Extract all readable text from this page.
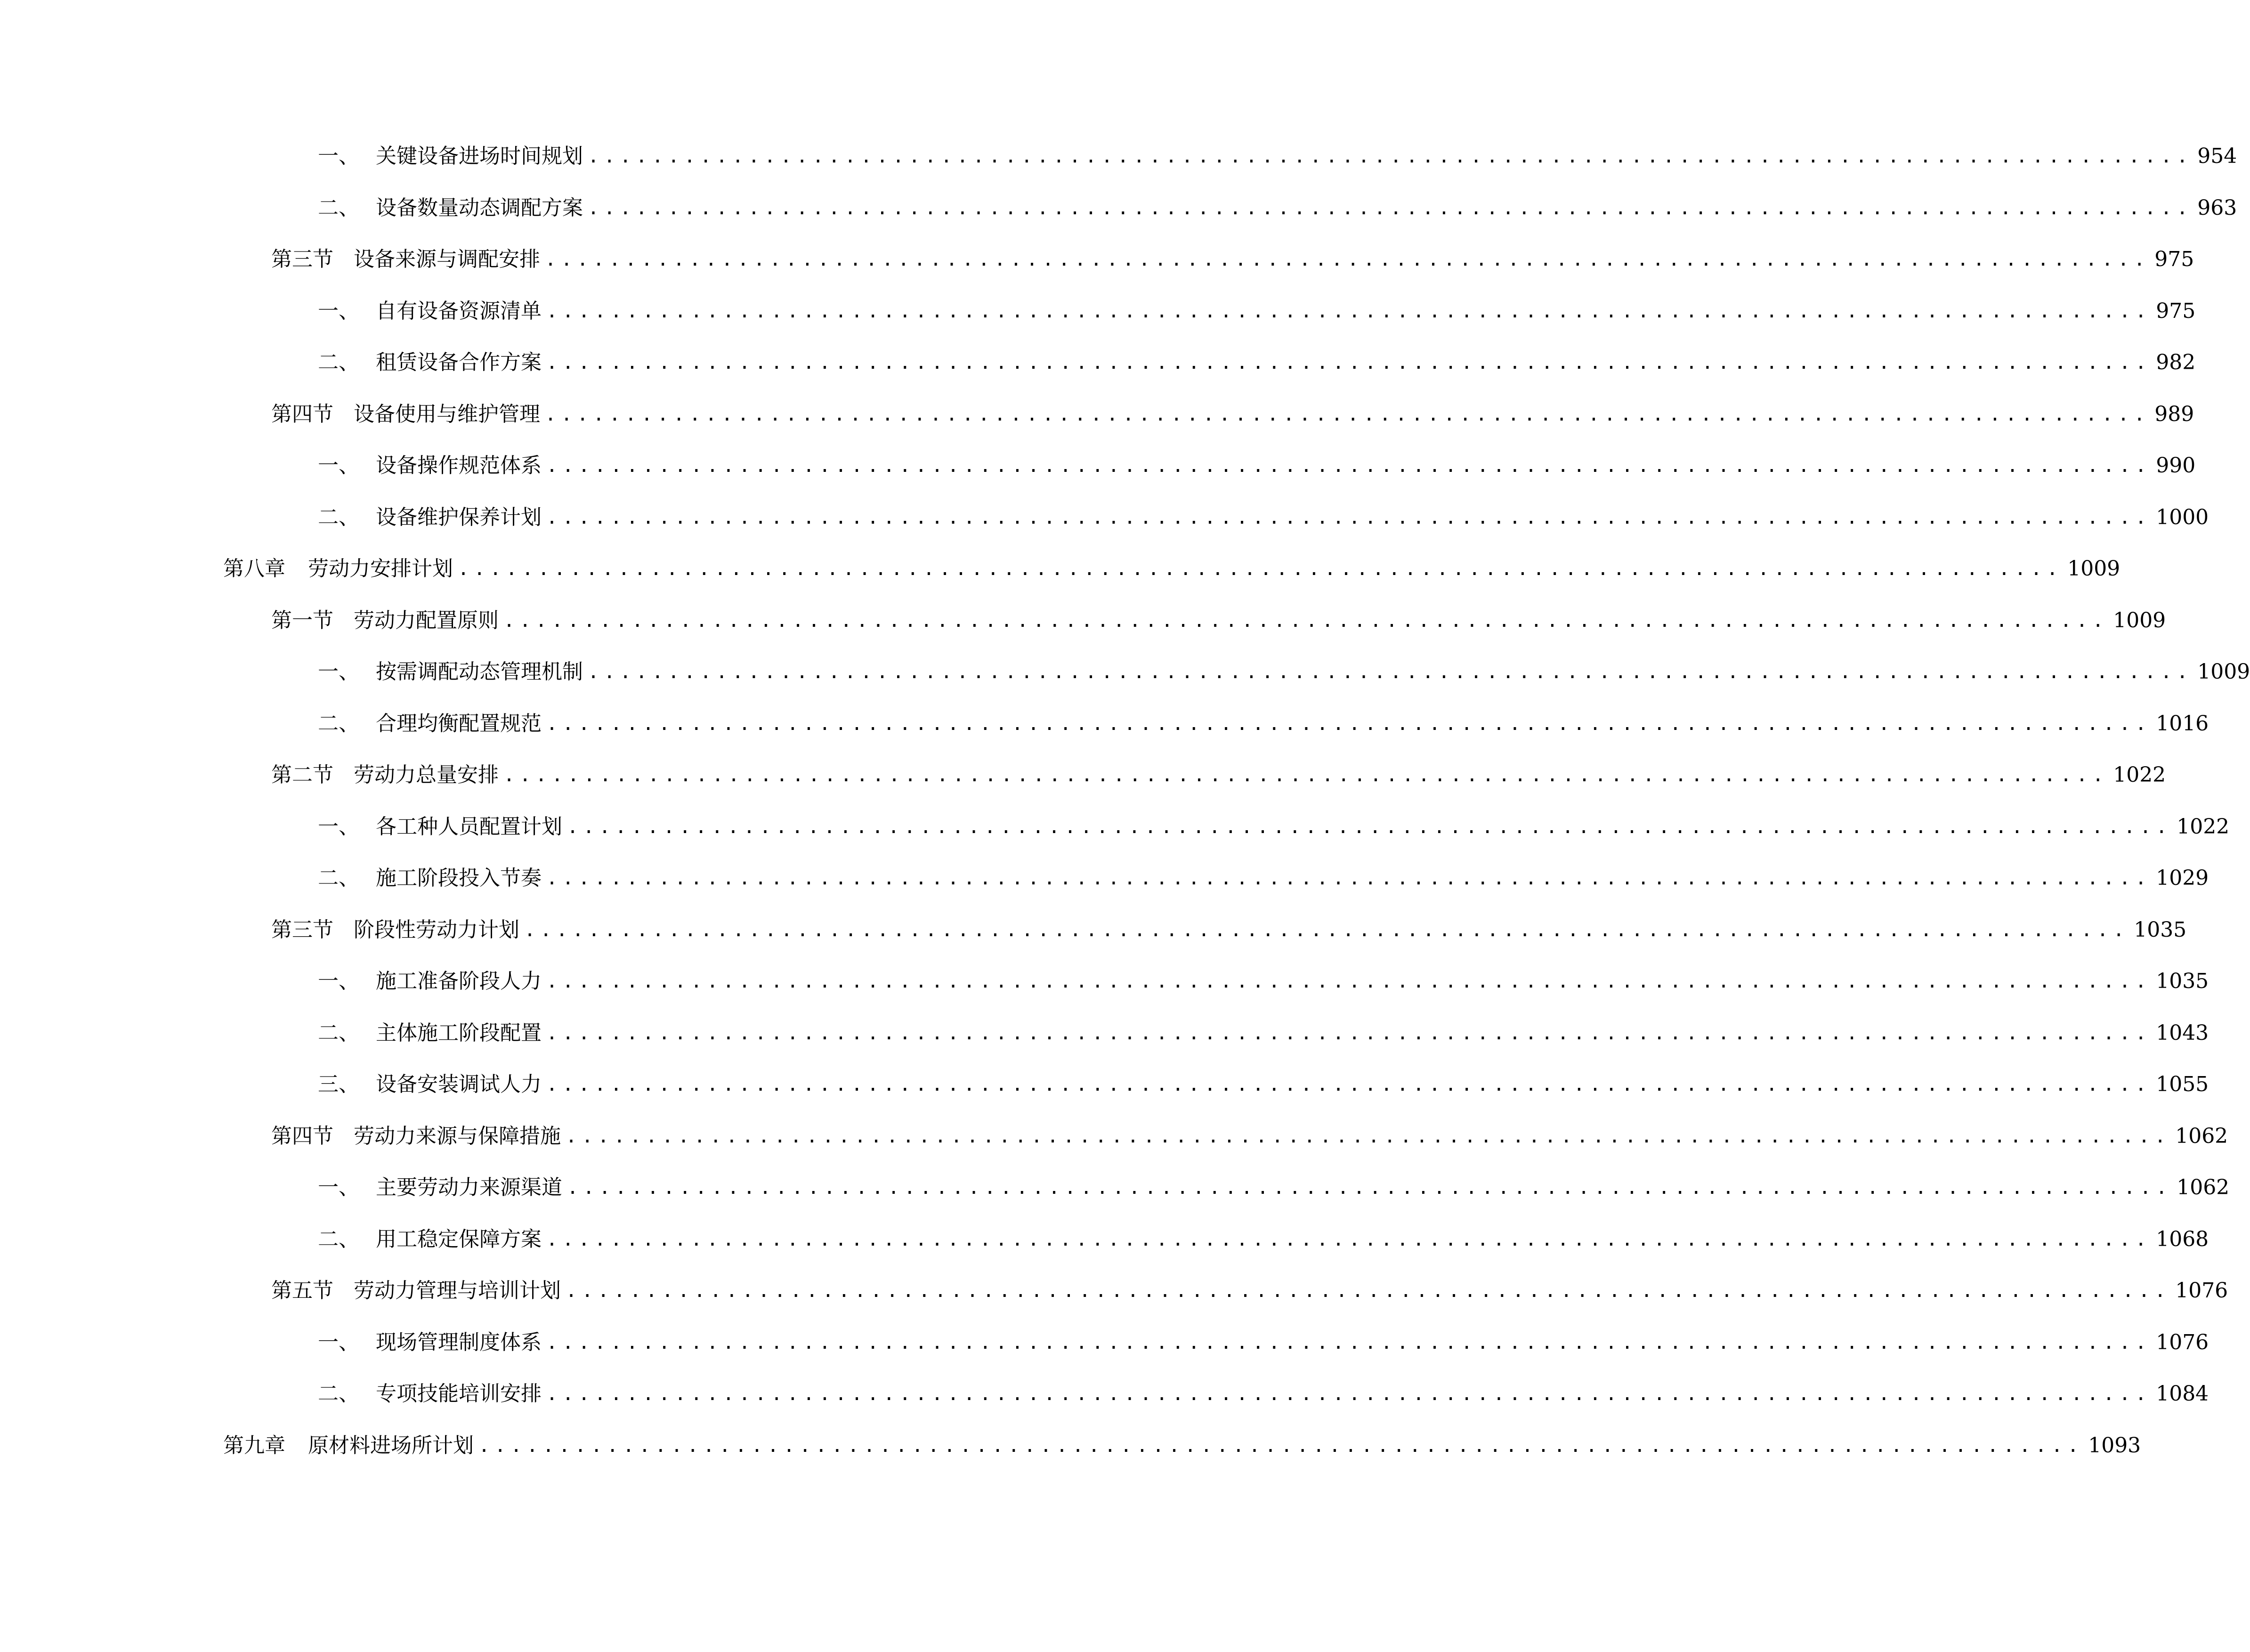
一、 关键设备进场时间规划 .................................................................................................... 954
二、 设备数量动态调配方案 .................................................................................................... 963
第三节 设备来源与调配安排 .................................................................................................... 975
一、 自有设备资源清单 .................................................................................................... 975
二、 租赁设备合作方案 .................................................................................................... 982
第四节 设备使用与维护管理 .................................................................................................... 989
一、 设备操作规范体系 .................................................................................................... 990
二、 设备维护保养计划 .................................................................................................... 1000
第八章	劳动力安排计划 .................................................................................................... 1009
第一节 劳动力配置原则 .................................................................................................... 1009
一、 按需调配动态管理机制 .................................................................................................... 1009
二、 合理均衡配置规范 .................................................................................................... 1016
第二节 劳动力总量安排 .................................................................................................... 1022
一、 各工种人员配置计划 .................................................................................................... 1022
二、 施工阶段投入节奏 .................................................................................................... 1029
第三节 阶段性劳动力计划 .................................................................................................... 1035
一、 施工准备阶段人力 .................................................................................................... 1035
二、 主体施工阶段配置 .................................................................................................... 1043
三、 设备安装调试人力 .................................................................................................... 1055
第四节 劳动力来源与保障措施 .................................................................................................... 1062
一、 主要劳动力来源渠道 .................................................................................................... 1062
二、 用工稳定保障方案 .................................................................................................... 1068
第五节 劳动力管理与培训计划 .................................................................................................... 1076
一、 现场管理制度体系 .................................................................................................... 1076
二、 专项技能培训安排 .................................................................................................... 1084
第九章	原材料进场所计划 .................................................................................................... 1093
